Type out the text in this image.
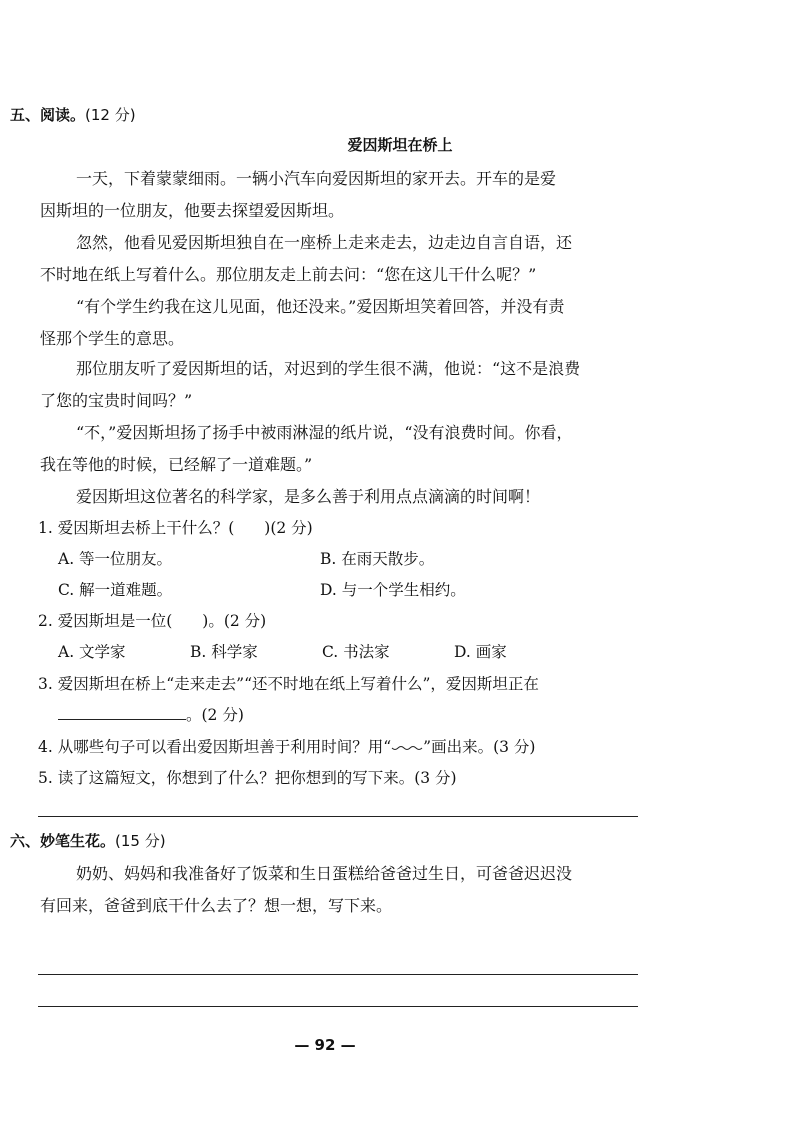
五、阅读。(12 分)
爱因斯坦在桥上
一天，下着蒙蒙细雨。一辆小汽车向爱因斯坦的家开去。开车的是爱
因斯坦的一位朋友，他要去探望爱因斯坦。
忽然，他看见爱因斯坦独自在一座桥上走来走去，边走边自言自语，还
不时地在纸上写着什么。那位朋友走上前去问：“您在这儿干什么呢？”
“有个学生约我在这儿见面，他还没来。”爱因斯坦笑着回答，并没有责
怪那个学生的意思。
那位朋友听了爱因斯坦的话，对迟到的学生很不满，他说：“这不是浪费
了您的宝贵时间吗？”
“不，”爱因斯坦扬了扬手中被雨淋湿的纸片说，“没有浪费时间。你看，
我在等他的时候，已经解了一道难题。”
爱因斯坦这位著名的科学家，是多么善于利用点点滴滴的时间啊！
1. 爱因斯坦去桥上干什么？( )(2 分)
A. 等一位朋友。	B. 在雨天散步。
C. 解一道难题。	D. 与一个学生相约。
2. 爱因斯坦是一位( )。(2 分)
A. 文学家	B. 科学家	C. 书法家	D. 画家
3. 爱因斯坦在桥上“走来走去”“还不时地在纸上写着什么”，爱因斯坦正在
。(2 分)
4. 从哪些句子可以看出爱因斯坦善于利用时间？用“ ”画出来。(3 分)
5. 读了这篇短文，你想到了什么？把你想到的写下来。(3 分)
六、妙笔生花。(15 分)
奶奶、妈妈和我准备好了饭菜和生日蛋糕给爸爸过生日，可爸爸迟迟没
有回来，爸爸到底干什么去了？想一想，写下来。
— 92 —
